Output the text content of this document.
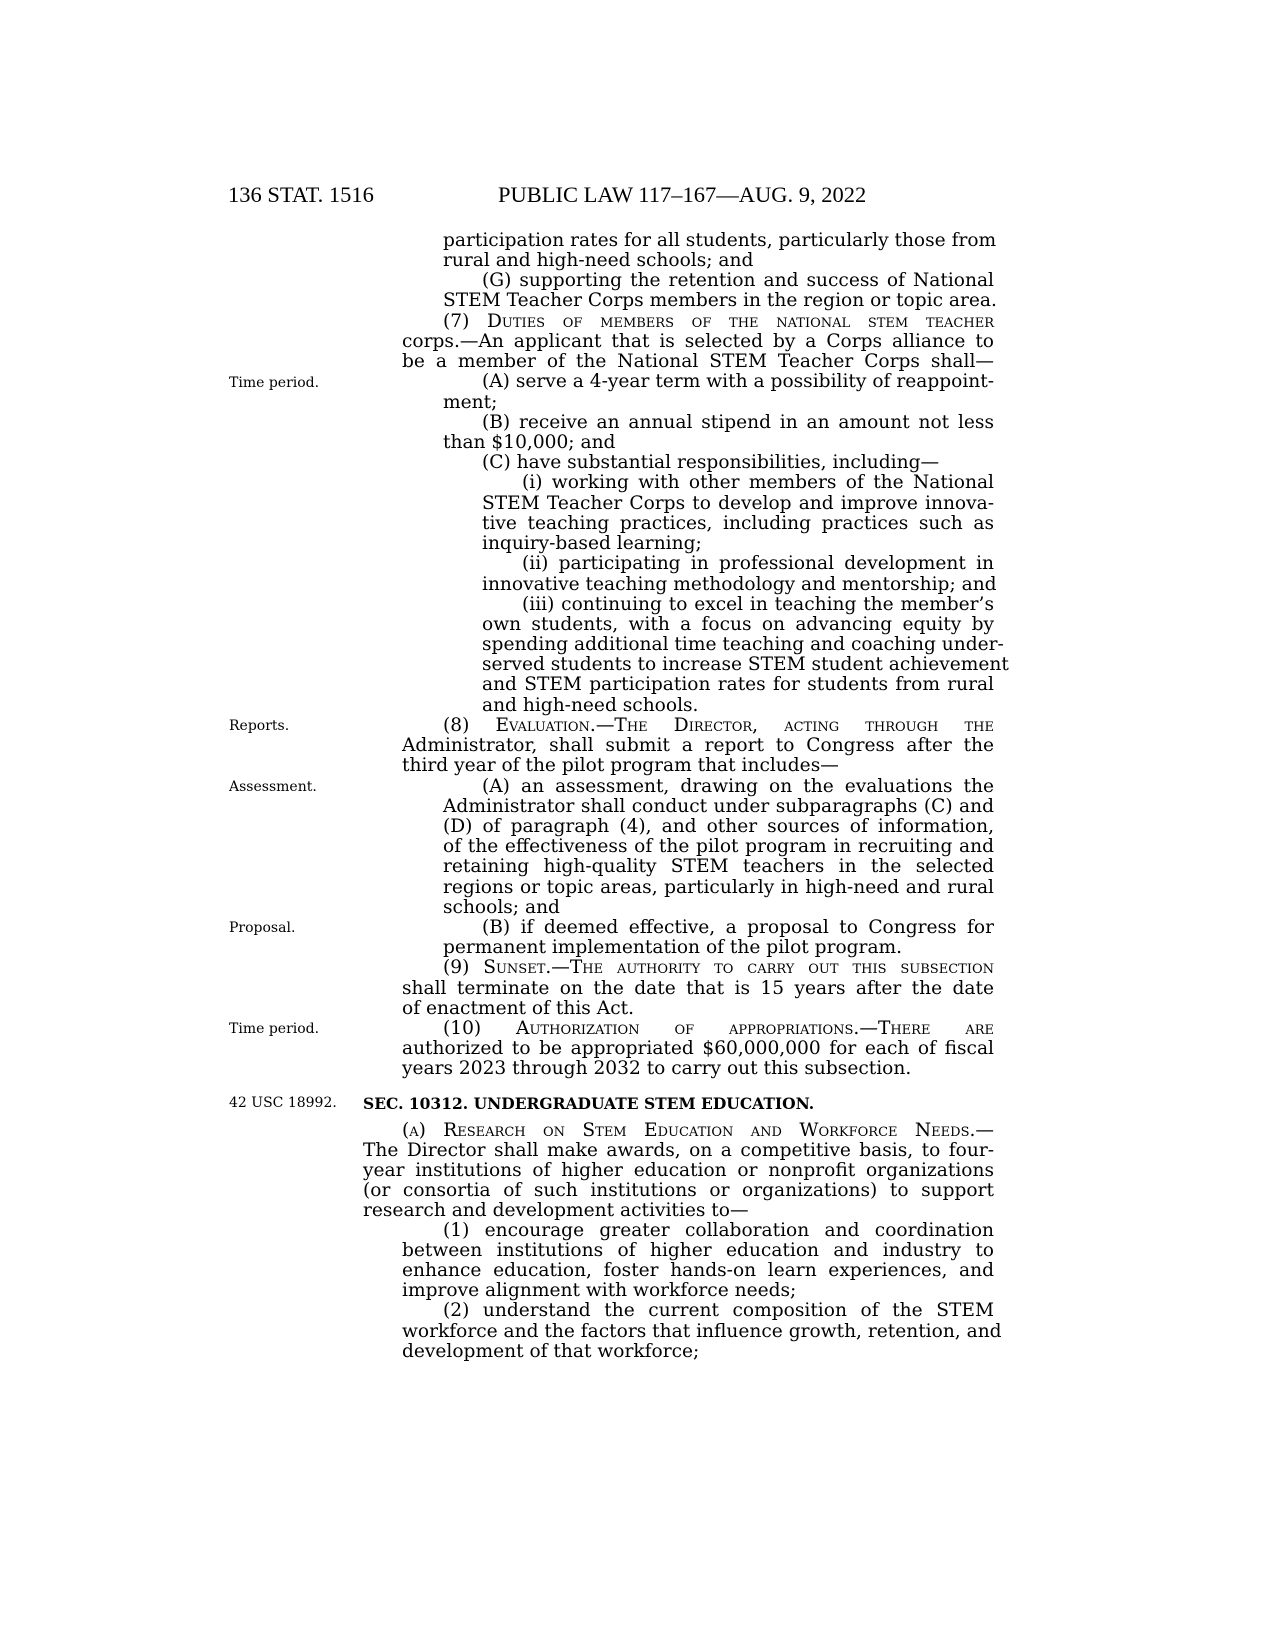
136 STAT. 1516	PUBLIC LAW 117–167—AUG. 9, 2022
Time period.
Reports.
Assessment.
Proposal.
Time period.
42 USC 18992.
participation rates for all students, particularly those from
rural and high-need schools; and
(G) supporting the retention and success of National
STEM Teacher Corps members in the region or topic area.
(7) Duties of members of the national stem teacher
corps.—An applicant that is selected by a Corps alliance to
be a member of the National STEM Teacher Corps shall—
(A) serve a 4-year term with a possibility of reappoint-
ment;
(B) receive an annual stipend in an amount not less
than $10,000; and
(C) have substantial responsibilities, including—
(i) working with other members of the National
STEM Teacher Corps to develop and improve innova-
tive teaching practices, including practices such as
inquiry-based learning;
(ii) participating in professional development in
innovative teaching methodology and mentorship; and
(iii) continuing to excel in teaching the member’s
own students, with a focus on advancing equity by
spending additional time teaching and coaching under-
served students to increase STEM student achievement
and STEM participation rates for students from rural
and high-need schools.
(8) Evaluation.—The Director, acting through the
Administrator, shall submit a report to Congress after the
third year of the pilot program that includes—
(A) an assessment, drawing on the evaluations the
Administrator shall conduct under subparagraphs (C) and
(D) of paragraph (4), and other sources of information,
of the effectiveness of the pilot program in recruiting and
retaining high-quality STEM teachers in the selected
regions or topic areas, particularly in high-need and rural
schools; and
(B) if deemed effective, a proposal to Congress for
permanent implementation of the pilot program.
(9) Sunset.—The authority to carry out this subsection
shall terminate on the date that is 15 years after the date
of enactment of this Act.
(10) Authorization of appropriations.—There are
authorized to be appropriated $60,000,000 for each of fiscal
years 2023 through 2032 to carry out this subsection.
SEC. 10312. UNDERGRADUATE STEM EDUCATION.
(a) Research on Stem Education and Workforce Needs.—
The Director shall make awards, on a competitive basis, to four-
year institutions of higher education or nonprofit organizations
(or consortia of such institutions or organizations) to support
research and development activities to—
(1) encourage greater collaboration and coordination
between institutions of higher education and industry to
enhance education, foster hands-on learn experiences, and
improve alignment with workforce needs;
(2) understand the current composition of the STEM
workforce and the factors that influence growth, retention, and
development of that workforce;
